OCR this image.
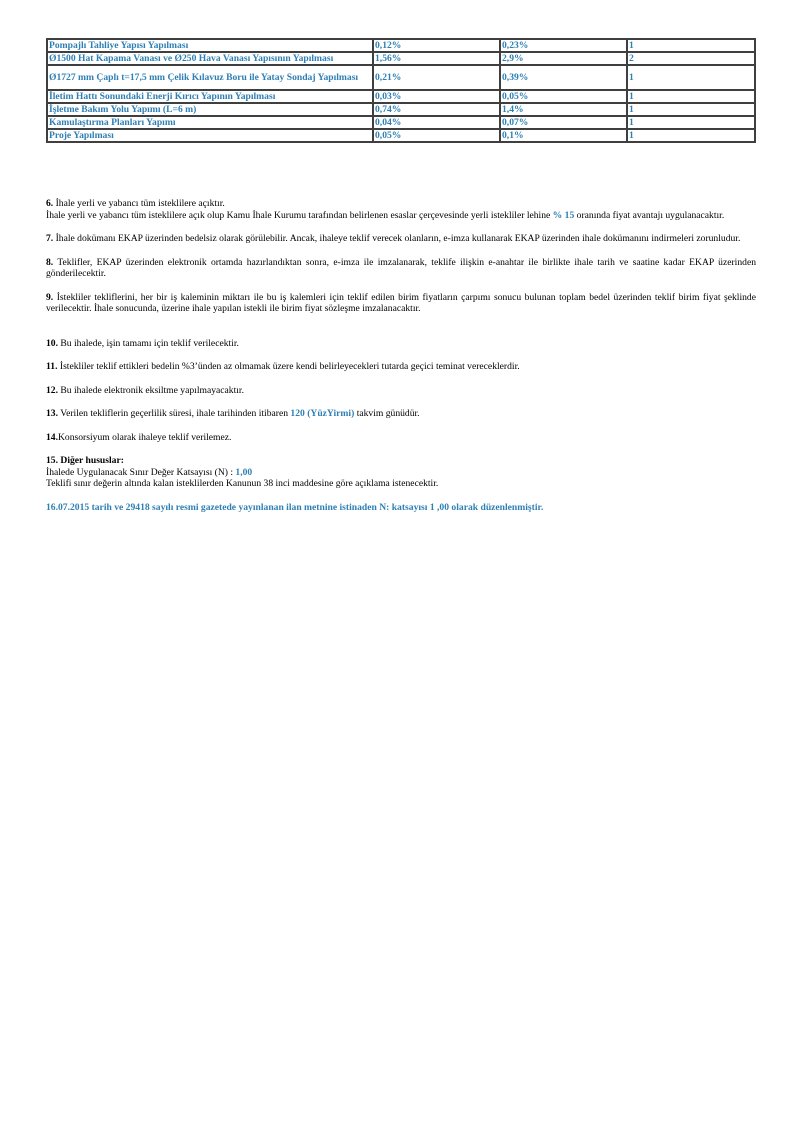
Pompajlı Tahliye Yapısı Yapılması	0,12%	0,23%	1
Ø1500 Hat Kapama Vanası ve Ø250 Hava Vanası Yapısının Yapılması	1,56%	2,9%	2
Ø1727 mm Çaplı t=17,5 mm Çelik Kılavuz Boru ile Yatay Sondaj Yapılması	0,21%	0,39%	1
İletim Hattı Sonundaki Enerji Kırıcı Yapının Yapılması	0,03%	0,05%	1
İşletme Bakım Yolu Yapımı (L=6 m)	0,74%	1,4%	1
Kamulaştırma Planları Yapımı	0,04%	0,07%	1
Proje Yapılması	0,05%	0,1%	1

6. İhale yerli ve yabancı tüm isteklilere açıktır.
İhale yerli ve yabancı tüm isteklilere açık olup Kamu İhale Kurumu tarafından belirlenen esaslar çerçevesinde yerli istekliler lehine % 15 oranında fiyat avantajı uygulanacaktır.

7. İhale dokümanı EKAP üzerinden bedelsiz olarak görülebilir. Ancak, ihaleye teklif verecek olanların, e-imza kullanarak EKAP üzerinden ihale dokümanını indirmeleri zorunludur.

8. Teklifler, EKAP üzerinden elektronik ortamda hazırlandıktan sonra, e-imza ile imzalanarak, teklife ilişkin e-anahtar ile birlikte ihale tarih ve saatine kadar EKAP üzerinden gönderilecektir.

9. İstekliler tekliflerini, her bir iş kaleminin miktarı ile bu iş kalemleri için teklif edilen birim fiyatların çarpımı sonucu bulunan toplam bedel üzerinden teklif birim fiyat şeklinde verilecektir. İhale sonucunda, üzerine ihale yapılan istekli ile birim fiyat sözleşme imzalanacaktır.

10. Bu ihalede, işin tamamı için teklif verilecektir.

11. İstekliler teklif ettikleri bedelin %3’ünden az olmamak üzere kendi belirleyecekleri tutarda geçici teminat vereceklerdir.

12. Bu ihalede elektronik eksiltme yapılmayacaktır.

13. Verilen tekliflerin geçerlilik süresi, ihale tarihinden itibaren 120 (YüzYirmi) takvim günüdür.

14.Konsorsiyum olarak ihaleye teklif verilemez.

15. Diğer hususlar:
İhalede Uygulanacak Sınır Değer Katsayısı (N) : 1,00
Teklifi sınır değerin altında kalan isteklilerden Kanunun 38 inci maddesine göre açıklama istenecektir.

16.07.2015 tarih ve 29418 sayılı resmi gazetede yayınlanan ilan metnine istinaden N: katsayısı 1 ,00 olarak düzenlenmiştir.
